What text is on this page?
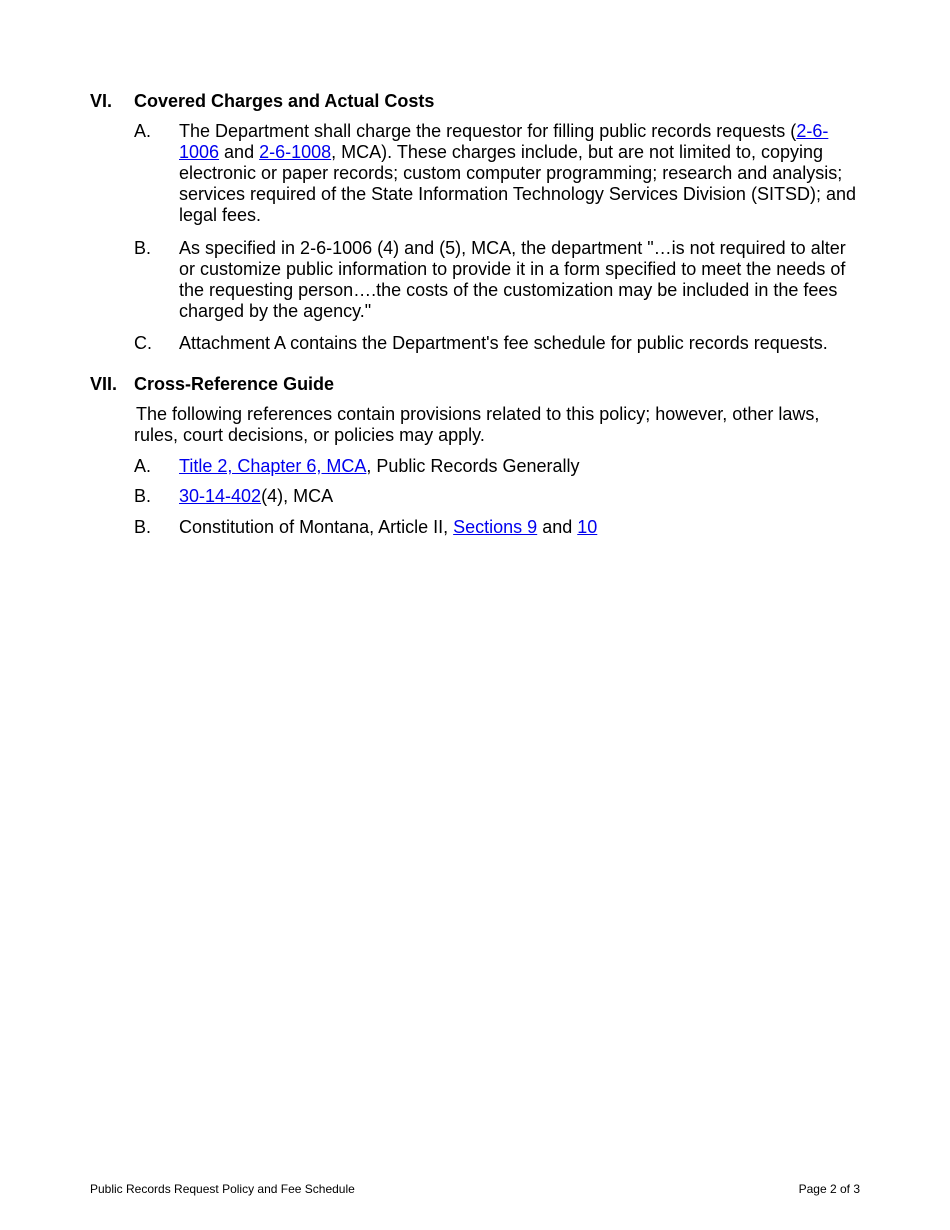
VI. Covered Charges and Actual Costs
A. The Department shall charge the requestor for filling public records requests (2-6-1006 and 2-6-1008, MCA). These charges include, but are not limited to, copying electronic or paper records; custom computer programming; research and analysis; services required of the State Information Technology Services Division (SITSD); and legal fees.
B. As specified in 2-6-1006 (4) and (5), MCA, the department "…is not required to alter or customize public information to provide it in a form specified to meet the needs of the requesting person….the costs of the customization may be included in the fees charged by the agency."
C. Attachment A contains the Department's fee schedule for public records requests.
VII. Cross-Reference Guide
The following references contain provisions related to this policy; however, other laws, rules, court decisions, or policies may apply.
A. Title 2, Chapter 6, MCA, Public Records Generally
B. 30-14-402(4), MCA
B. Constitution of Montana, Article II, Sections 9 and 10
Public Records Request Policy and Fee Schedule	Page 2 of 3
